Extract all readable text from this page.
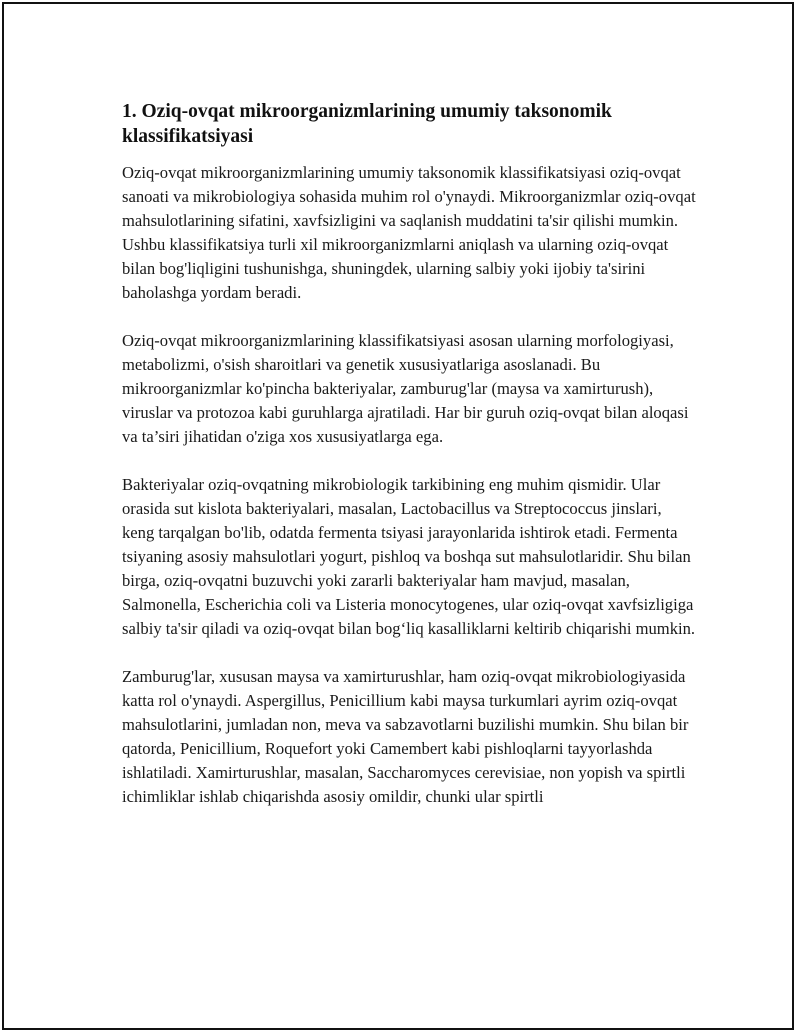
1. Oziq-ovqat mikroorganizmlarining umumiy taksonomik klassifikatsiyasi

Oziq-ovqat mikroorganizmlarining umumiy taksonomik klassifikatsiyasi oziq-ovqat sanoati va mikrobiologiya sohasida muhim rol o'ynaydi. Mikroorganizmlar oziq-ovqat mahsulotlarining sifatini, xavfsizligini va saqlanish muddatini ta'sir qilishi mumkin. Ushbu klassifikatsiya turli xil mikroorganizmlarni aniqlash va ularning oziq-ovqat bilan bog'liqligini tushunishga, shuningdek, ularning salbiy yoki ijobiy ta'sirini baholashga yordam beradi.

Oziq-ovqat mikroorganizmlarining klassifikatsiyasi asosan ularning morfologiyasi, metabolizmi, o'sish sharoitlari va genetik xususiyatlariga asoslanadi. Bu mikroorganizmlar ko'pincha bakteriyalar, zamburug'lar (maysa va xamirturush), viruslar va protozoa kabi guruhlarga ajratiladi. Har bir guruh oziq-ovqat bilan aloqasi va ta’siri jihatidan o'ziga xos xususiyatlarga ega.

Bakteriyalar oziq-ovqatning mikrobiologik tarkibining eng muhim qismidir. Ular orasida sut kislota bakteriyalari, masalan, Lactobacillus va Streptococcus jinslari, keng tarqalgan bo'lib, odatda fermenta tsiyasi jarayonlarida ishtirok etadi. Fermenta tsiyaning asosiy mahsulotlari yogurt, pishloq va boshqa sut mahsulotlaridir. Shu bilan birga, oziq-ovqatni buzuvchi yoki zararli bakteriyalar ham mavjud, masalan, Salmonella, Escherichia coli va Listeria monocytogenes, ular oziq-ovqat xavfsizligiga salbiy ta'sir qiladi va oziq-ovqat bilan bog‘liq kasalliklarni keltirib chiqarishi mumkin.

Zamburug'lar, xususan maysa va xamirturushlar, ham oziq-ovqat mikrobiologiyasida katta rol o'ynaydi. Aspergillus, Penicillium kabi maysa turkumlari ayrim oziq-ovqat mahsulotlarini, jumladan non, meva va sabzavotlarni buzilishi mumkin. Shu bilan bir qatorda, Penicillium, Roquefort yoki Camembert kabi pishloqlarni tayyorlashda ishlatiladi. Xamirturushlar, masalan, Saccharomyces cerevisiae, non yopish va spirtli ichimliklar ishlab chiqarishda asosiy omildir, chunki ular spirtli
